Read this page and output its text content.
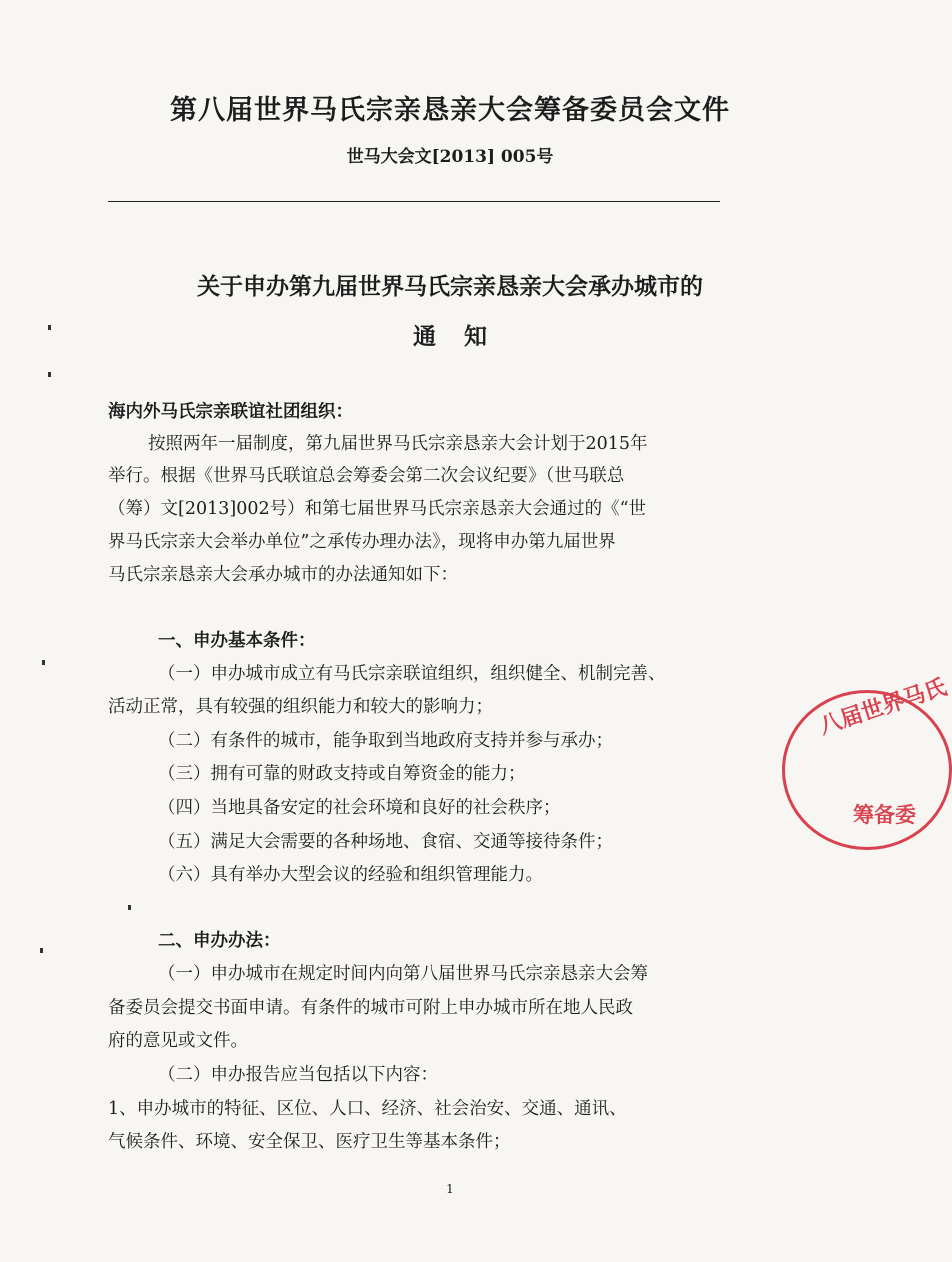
第八届世界马氏宗亲恳亲大会筹备委员会文件
世马大会文[2013] 005号
关于申办第九届世界马氏宗亲恳亲大会承办城市的
通知
海内外马氏宗亲联谊社团组织：
按照两年一届制度，第九届世界马氏宗亲恳亲大会计划于2015年
举行。根据《世界马氏联谊总会筹委会第二次会议纪要》（世马联总
（筹）文[2013]002号）和第七届世界马氏宗亲恳亲大会通过的《“世
界马氏宗亲大会举办单位”之承传办理办法》，现将申办第九届世界
马氏宗亲恳亲大会承办城市的办法通知如下：
一、申办基本条件：
（一）申办城市成立有马氏宗亲联谊组织，组织健全、机制完善、
活动正常，具有较强的组织能力和较大的影响力；
（二）有条件的城市，能争取到当地政府支持并参与承办；
（三）拥有可靠的财政支持或自筹资金的能力；
（四）当地具备安定的社会环境和良好的社会秩序；
（五）满足大会需要的各种场地、食宿、交通等接待条件；
（六）具有举办大型会议的经验和组织管理能力。
二、申办办法：
（一）申办城市在规定时间内向第八届世界马氏宗亲恳亲大会筹
备委员会提交书面申请。有条件的城市可附上申办城市所在地人民政
府的意见或文件。
（二）申办报告应当包括以下内容：
1、申办城市的特征、区位、人口、经济、社会治安、交通、通讯、
气候条件、环境、安全保卫、医疗卫生等基本条件；
八届世界马氏
筹备委
1
